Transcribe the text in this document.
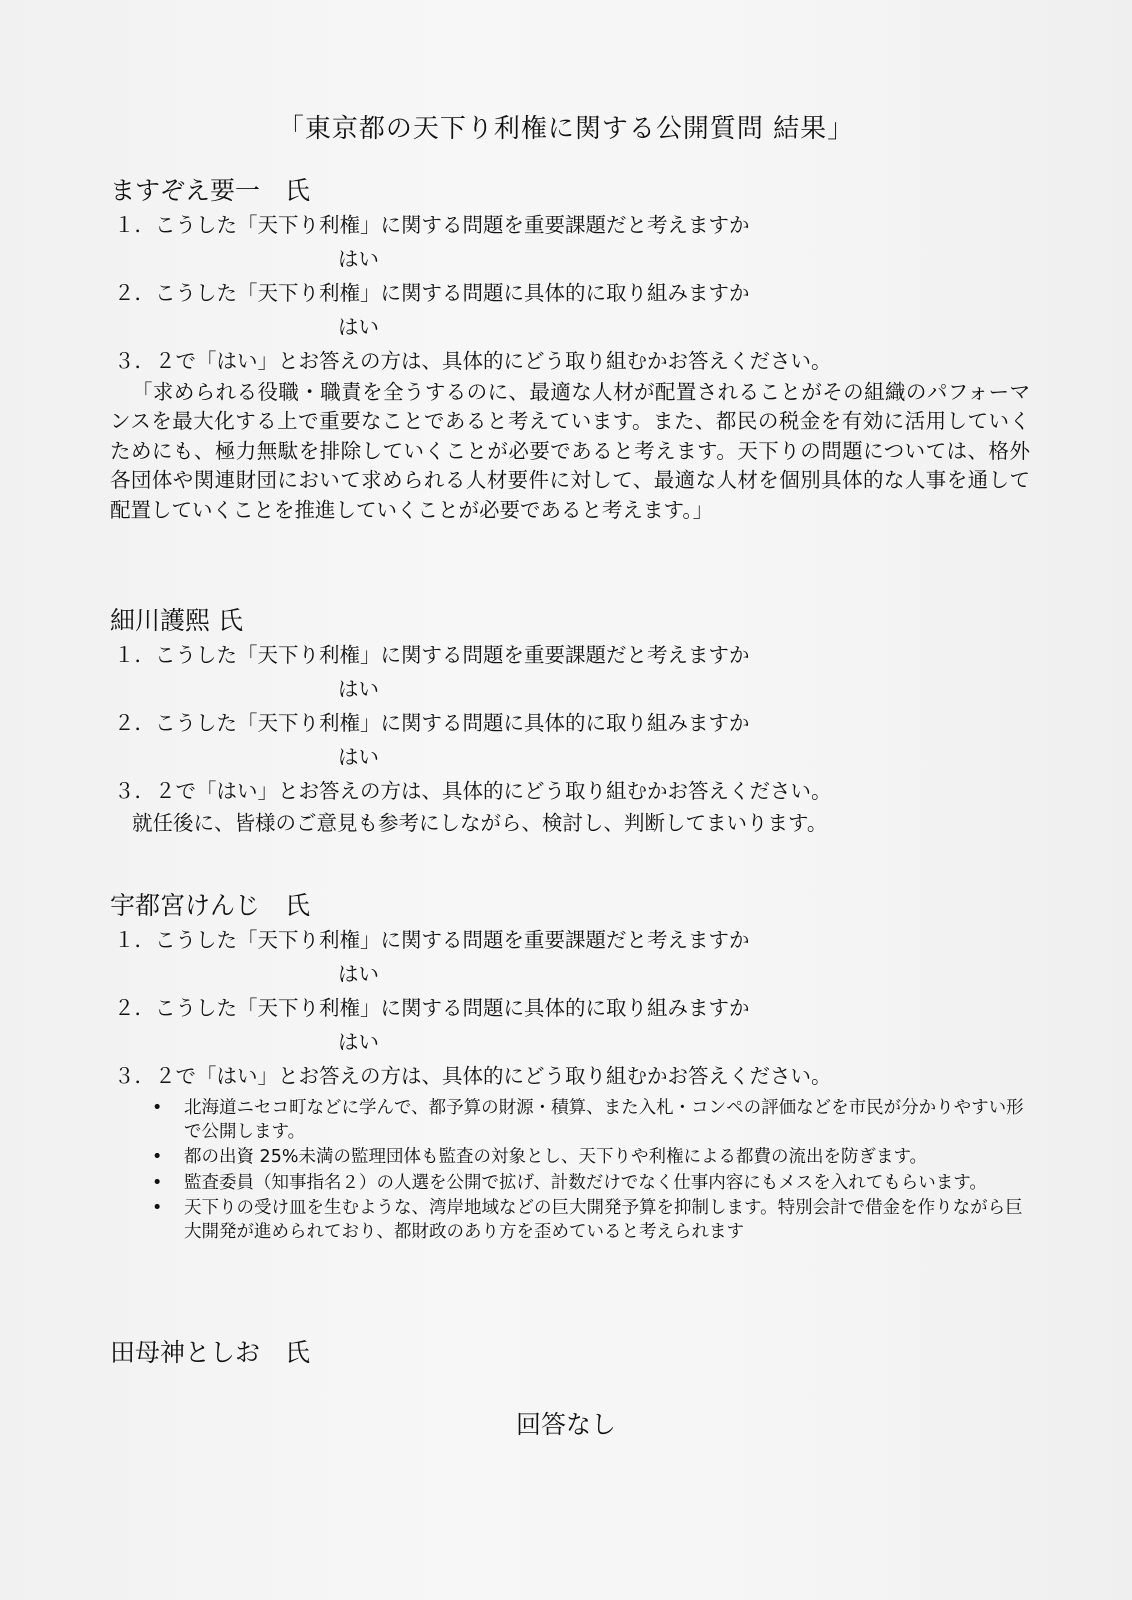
「東京都の天下り利権に関する公開質問 結果」

ますぞえ要一　氏

１．こうした「天下り利権」に関する問題を重要課題だと考えますか

はい

２．こうした「天下り利権」に関する問題に具体的に取り組みますか

はい

３．２で「はい」とお答えの方は、具体的にどう取り組むかお答えください。

「求められる役職・職責を全うするのに、最適な人材が配置されることがその組織のパフォーマンスを最大化する上で重要なことであると考えています。また、都民の税金を有効に活用していくためにも、極力無駄を排除していくことが必要であると考えます。天下りの問題については、格外各団体や関連財団において求められる人材要件に対して、最適な人材を個別具体的な人事を通して配置していくことを推進していくことが必要であると考えます。」

細川護熙 氏

１．こうした「天下り利権」に関する問題を重要課題だと考えますか

はい

２．こうした「天下り利権」に関する問題に具体的に取り組みますか

はい

３．２で「はい」とお答えの方は、具体的にどう取り組むかお答えください。

就任後に、皆様のご意見も参考にしながら、検討し、判断してまいります。

宇都宮けんじ　氏

１．こうした「天下り利権」に関する問題を重要課題だと考えますか

はい

２．こうした「天下り利権」に関する問題に具体的に取り組みますか

はい

３．２で「はい」とお答えの方は、具体的にどう取り組むかお答えください。

• 北海道ニセコ町などに学んで、都予算の財源・積算、また入札・コンペの評価などを市民が分かりやすい形で公開します。
• 都の出資 25%未満の監理団体も監査の対象とし、天下りや利権による都費の流出を防ぎます。
• 監査委員（知事指名２）の人選を公開で拡げ、計数だけでなく仕事内容にもメスを入れてもらいます。
• 天下りの受け皿を生むような、湾岸地域などの巨大開発予算を抑制します。特別会計で借金を作りながら巨大開発が進められており、都財政のあり方を歪めていると考えられます

田母神としお　氏

回答なし
